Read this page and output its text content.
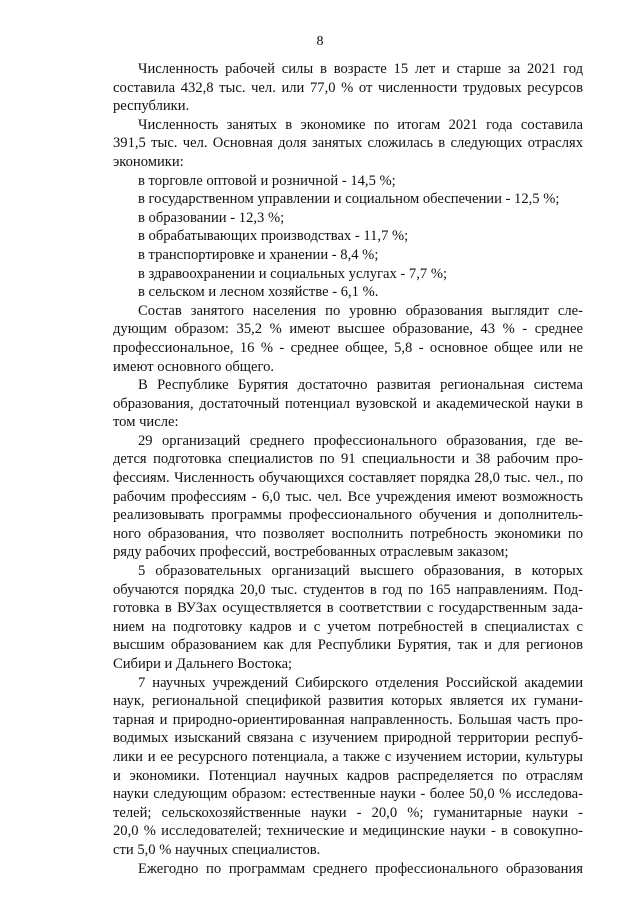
8
Численность рабочей силы в возрасте 15 лет и старше за 2021 год
составила 432,8 тыс. чел. или 77,0 % от численности трудовых ресурсов
республики.
Численность занятых в экономике по итогам 2021 года составила
391,5 тыс. чел. Основная доля занятых сложилась в следующих отраслях
экономики:
в торговле оптовой и розничной - 14,5 %;
в государственном управлении и социальном обеспечении - 12,5 %;
в образовании - 12,3 %;
в обрабатывающих производствах - 11,7 %;
в транспортировке и хранении - 8,4 %;
в здравоохранении и социальных услугах - 7,7 %;
в сельском и лесном хозяйстве - 6,1 %.
Состав занятого населения по уровню образования выглядит сле-
дующим образом: 35,2 % имеют высшее образование, 43 % - среднее
профессиональное, 16 % - среднее общее, 5,8 - основное общее или не
имеют основного общего.
В Республике Бурятия достаточно развитая региональная система
образования, достаточный потенциал вузовской и академической науки в
том числе:
29 организаций среднего профессионального образования, где ве-
дется подготовка специалистов по 91 специальности и 38 рабочим про-
фессиям. Численность обучающихся составляет порядка 28,0 тыс. чел., по
рабочим профессиям - 6,0 тыс. чел. Все учреждения имеют возможность
реализовывать программы профессионального обучения и дополнитель-
ного образования, что позволяет восполнить потребность экономики по
ряду рабочих профессий, востребованных отраслевым заказом;
5 образовательных организаций высшего образования, в которых
обучаются порядка 20,0 тыс. студентов в год по 165 направлениям. Под-
готовка в ВУЗах осуществляется в соответствии с государственным зада-
нием на подготовку кадров и с учетом потребностей в специалистах с
высшим образованием как для Республики Бурятия, так и для регионов
Сибири и Дальнего Востока;
7 научных учреждений Сибирского отделения Российской академии
наук, региональной спецификой развития которых является их гумани-
тарная и природно-ориентированная направленность. Большая часть про-
водимых изысканий связана с изучением природной территории респуб-
лики и ее ресурсного потенциала, а также с изучением истории, культуры
и экономики. Потенциал научных кадров распределяется по отраслям
науки следующим образом: естественные науки - более 50,0 % исследова-
телей; сельскохозяйственные науки - 20,0 %; гуманитарные науки -
20,0 % исследователей; технические и медицинские науки - в совокупно-
сти 5,0 % научных специалистов.
Ежегодно по программам среднего профессионального образования
